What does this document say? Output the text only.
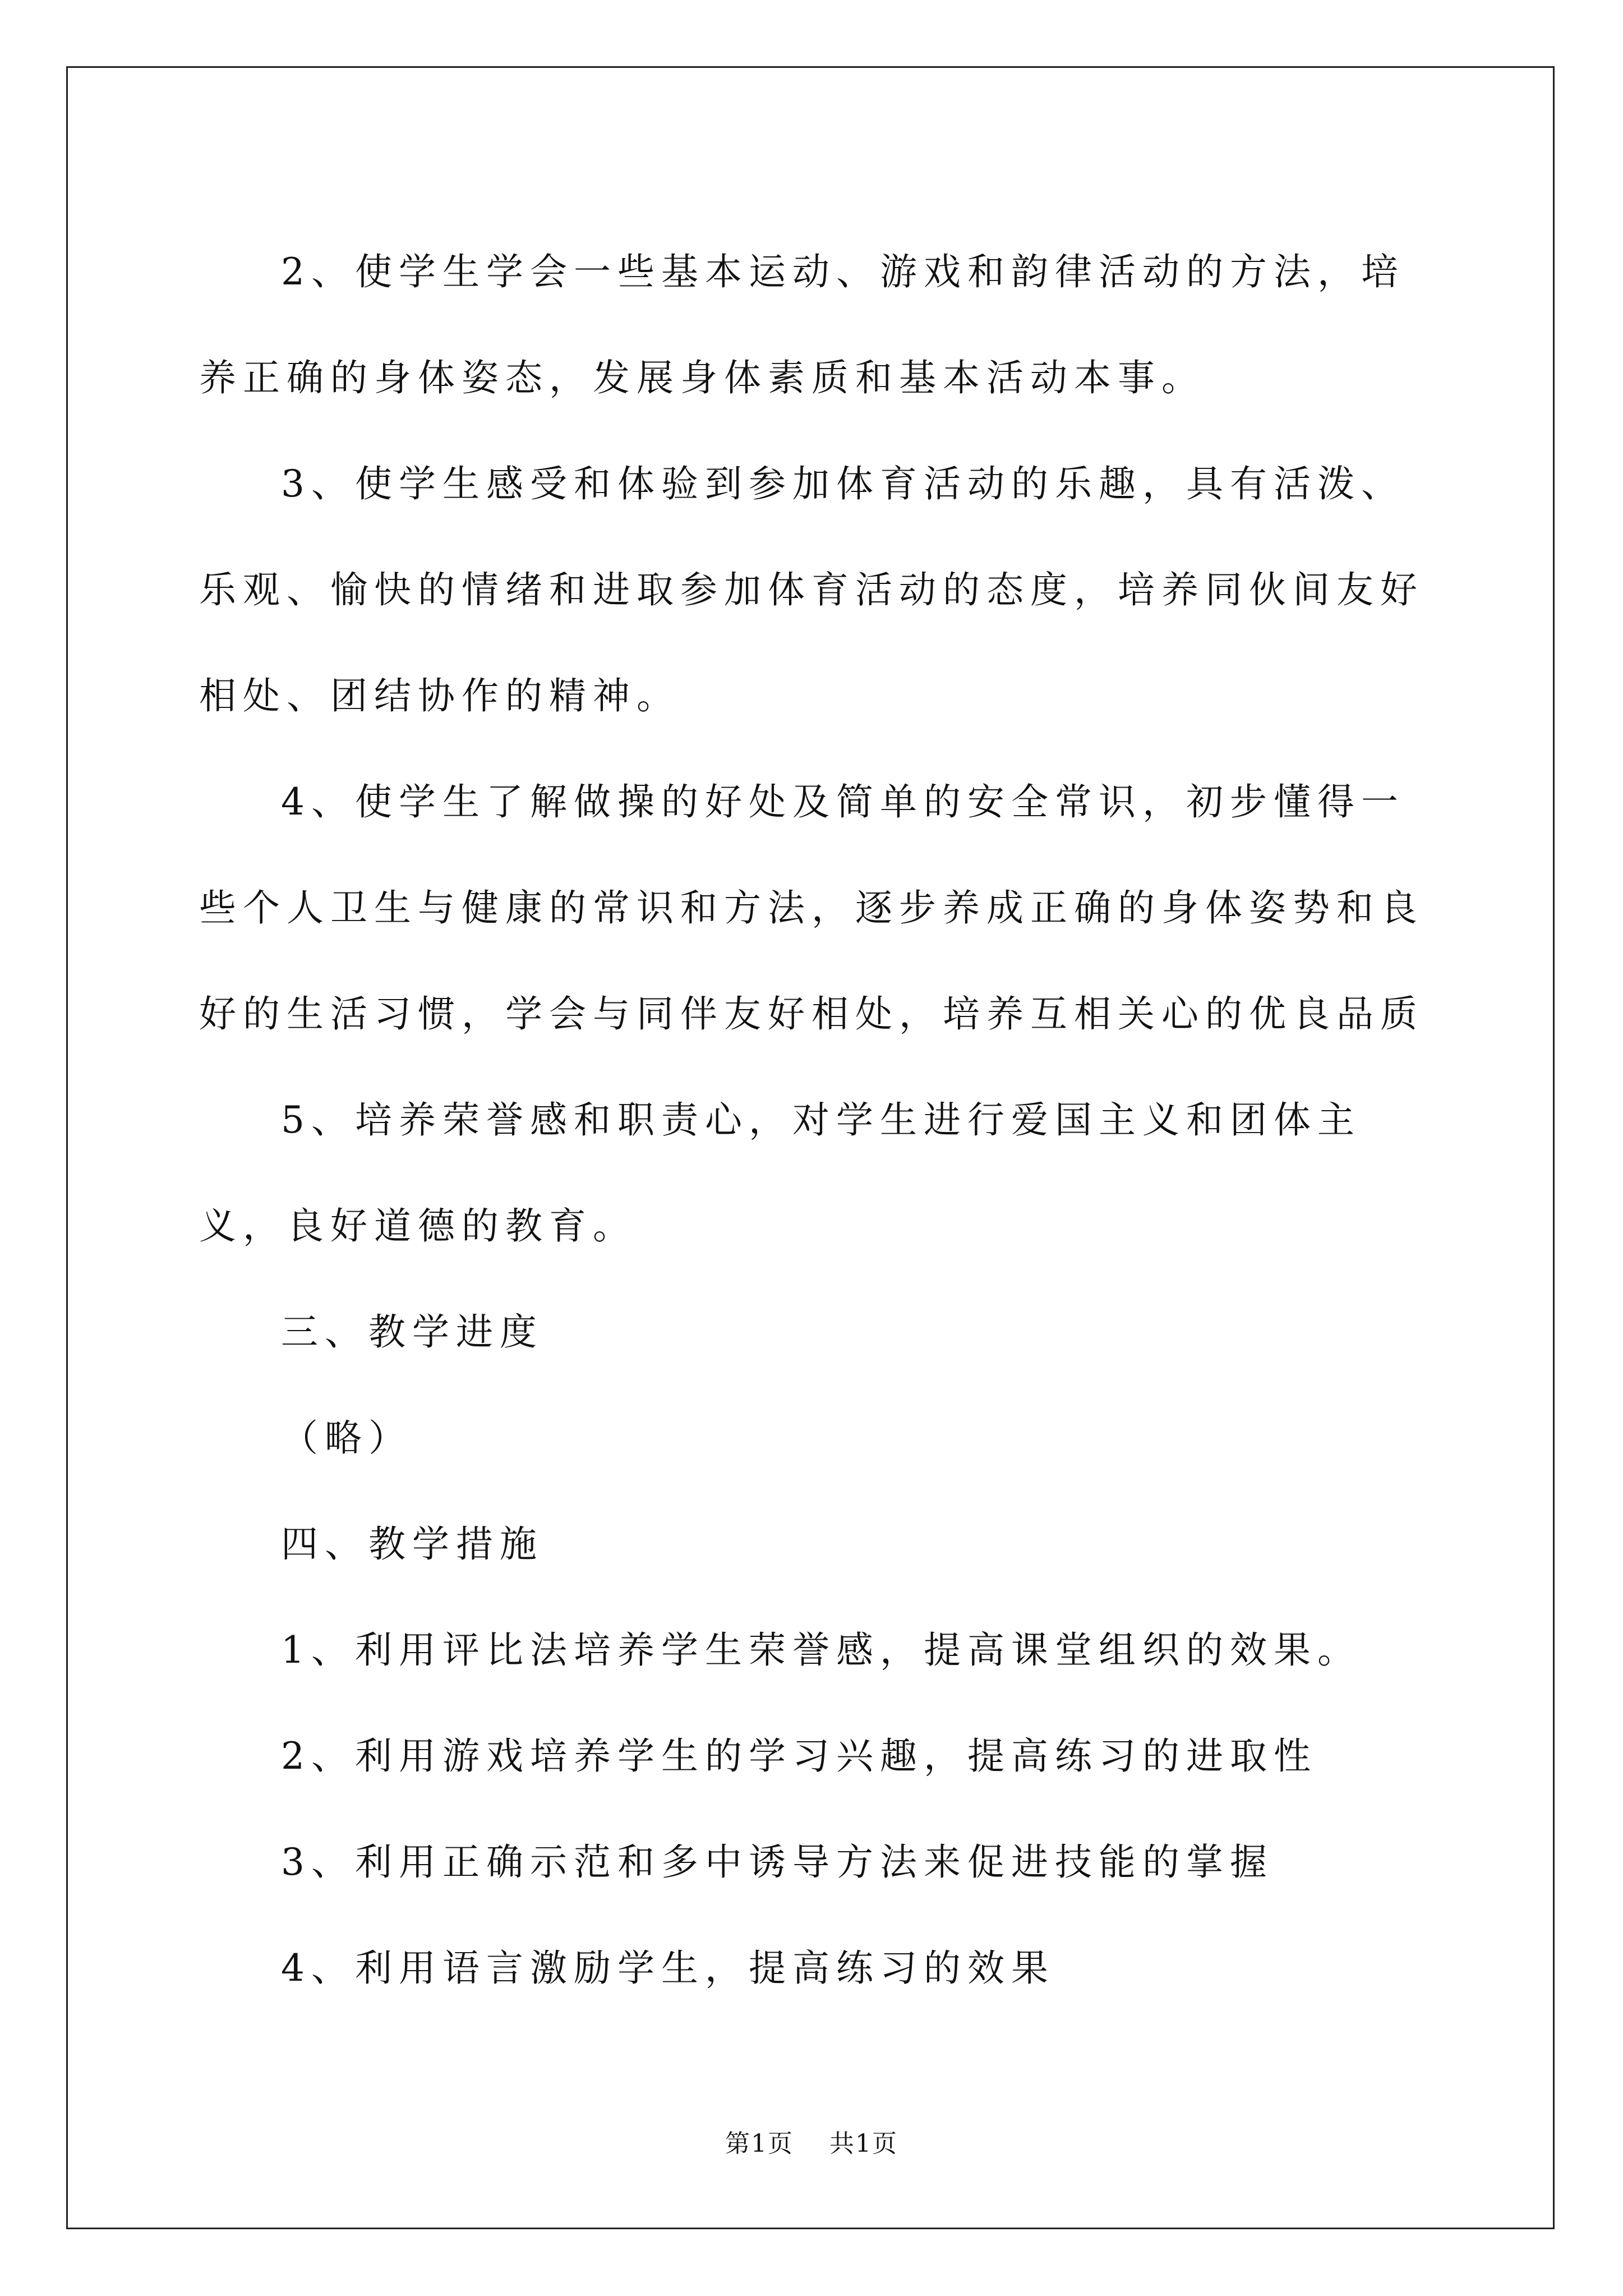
2、使学生学会一些基本运动、游戏和韵律活动的方法，培养正确的身体姿态，发展身体素质和基本活动本事。

3、使学生感受和体验到参加体育活动的乐趣，具有活泼、乐观、愉快的情绪和进取参加体育活动的态度，培养同伙间友好相处、团结协作的精神。

4、使学生了解做操的好处及简单的安全常识，初步懂得一些个人卫生与健康的常识和方法，逐步养成正确的身体姿势和良好的生活习惯，学会与同伴友好相处，培养互相关心的优良品质

5、培养荣誉感和职责心，对学生进行爱国主义和团体主义，良好道德的教育。

三、教学进度

（略）

四、教学措施

1、利用评比法培养学生荣誉感，提高课堂组织的效果。

2、利用游戏培养学生的学习兴趣，提高练习的进取性

3、利用正确示范和多中诱导方法来促进技能的掌握

4、利用语言激励学生，提高练习的效果

第1页 共1页
